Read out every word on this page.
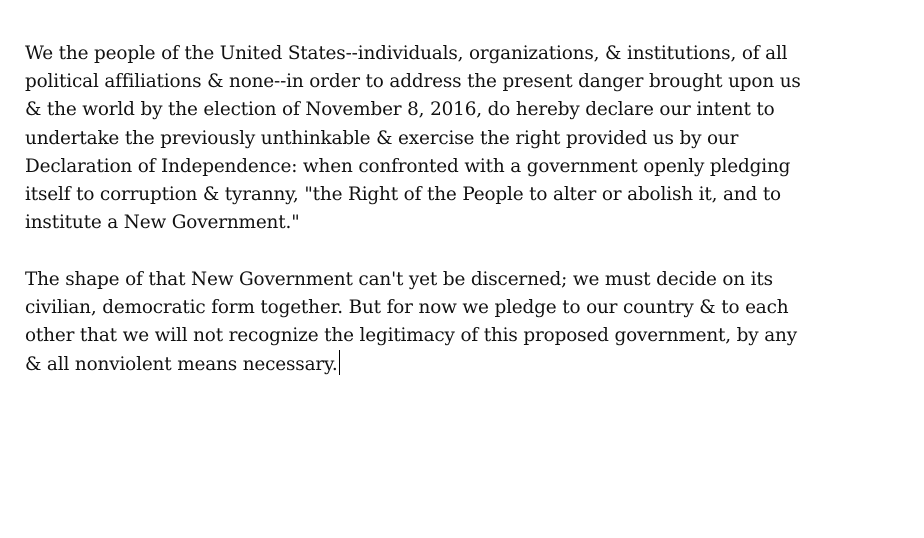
We the people of the United States--individuals, organizations, & institutions, of all
political affiliations & none--in order to address the present danger brought upon us
& the world by the election of November 8, 2016, do hereby declare our intent to
undertake the previously unthinkable & exercise the right provided us by our
Declaration of Independence: when confronted with a government openly pledging
itself to corruption & tyranny, "the Right of the People to alter or abolish it, and to
institute a New Government."

The shape of that New Government can't yet be discerned; we must decide on its
civilian, democratic form together. But for now we pledge to our country & to each
other that we will not recognize the legitimacy of this proposed government, by any
& all nonviolent means necessary.
